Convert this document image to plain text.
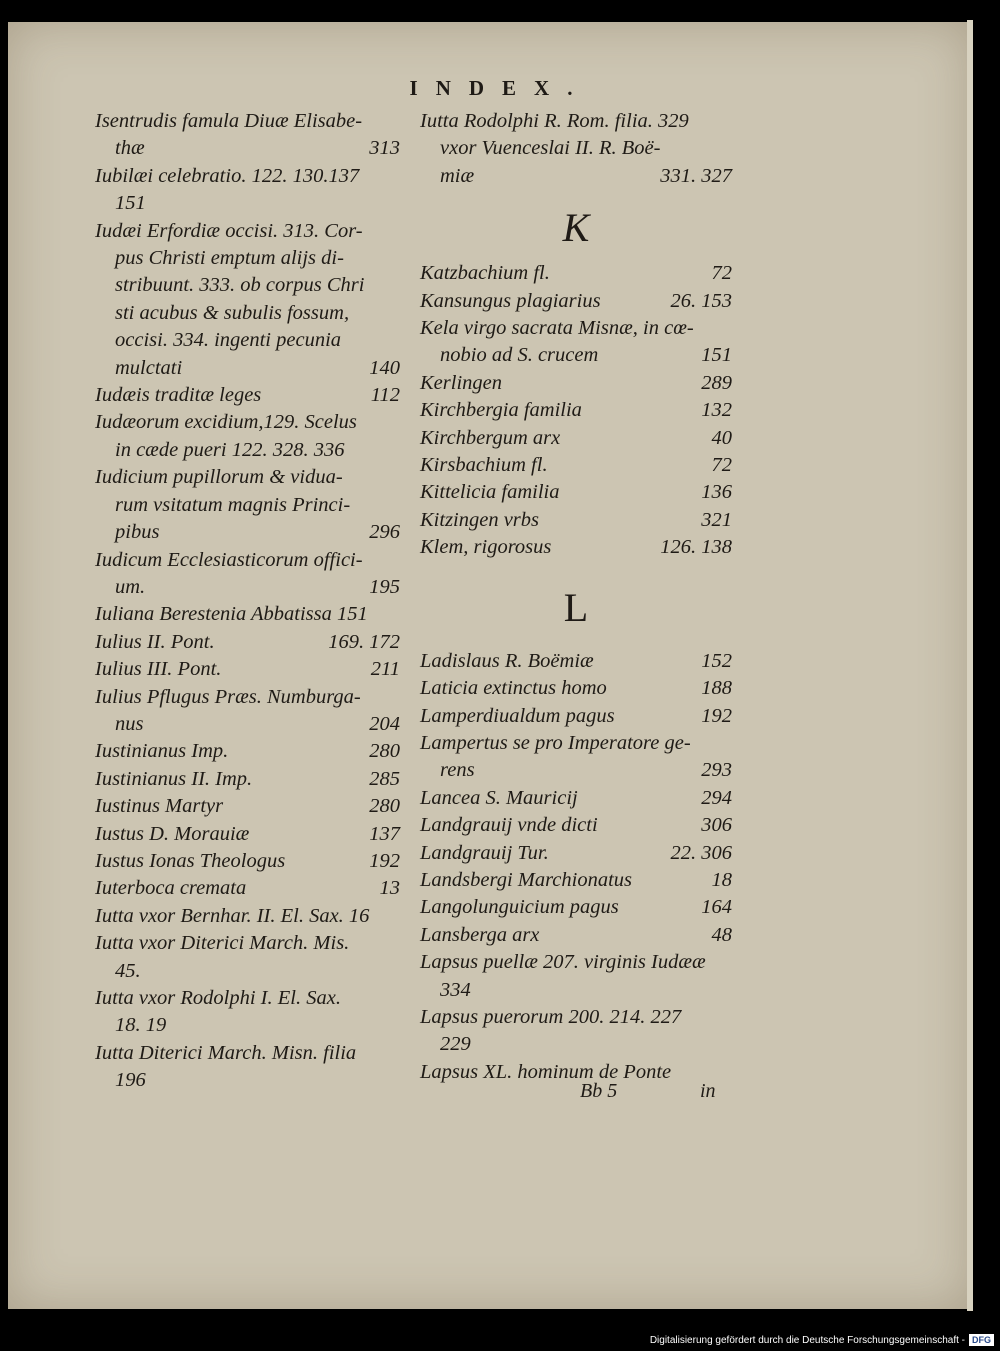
INDEX.
Isentrudis famula Diuæ Elisabe-
thæ	313
Iubilæi celebratio. 122. 130.137
151
Iudæi Erfordiæ occisi. 313. Cor-
pus Christi emptum alijs di-
stribuunt. 333. ob corpus Chri
sti acubus & subulis fossum,
occisi. 334. ingenti pecunia
mulctati	140
Iudæis traditæ leges	112
Iudæorum excidium,129. Scelus
in cæde pueri 122. 328. 336
Iudicium pupillorum & vidua-
rum vsitatum magnis Princi-
pibus	296
Iudicum Ecclesiasticorum offici-
um.	195
Iuliana Berestenia Abbatissa 151
Iulius II. Pont.	169. 172
Iulius III. Pont.	211
Iulius Pflugus Præs. Numburga-
nus	204
Iustinianus Imp.	280
Iustinianus II. Imp.	285
Iustinus Martyr	280
Iustus D. Morauiæ	137
Iustus Ionas Theologus	192
Iuterboca cremata	13
Iutta vxor Bernhar. II. El. Sax. 16
Iutta vxor Diterici March. Mis.
45.
Iutta vxor Rodolphi I. El. Sax.
18. 19
Iutta Diterici March. Misn. filia
196
Iutta Rodolphi R. Rom. filia. 329
vxor Vuenceslai II. R. Boë-
miæ	331. 327
K
Katzbachium fl.	72
Kansungus plagiarius	26. 153
Kela virgo sacrata Misnæ, in cœ-
nobio ad S. crucem	151
Kerlingen	289
Kirchbergia familia	132
Kirchbergum arx	40
Kirsbachium fl.	72
Kittelicia familia	136
Kitzingen vrbs	321
Klem, rigorosus	126. 138
L
Ladislaus R. Boëmiæ	152
Laticia extinctus homo	188
Lamperdiualdum pagus	192
Lampertus se pro Imperatore ge-
rens	293
Lancea S. Mauricij	294
Landgrauij vnde dicti	306
Landgrauij Tur.	22. 306
Landsbergi Marchionatus	18
Langolunguicium pagus	164
Lansberga arx	48
Lapsus puellæ 207. virginis Iudææ
334
Lapsus puerorum 200. 214. 227
229
Lapsus XL. hominum de Ponte
Bb 5	in
Digitalisierung gefördert durch die Deutsche Forschungsgemeinschaft - DFG
